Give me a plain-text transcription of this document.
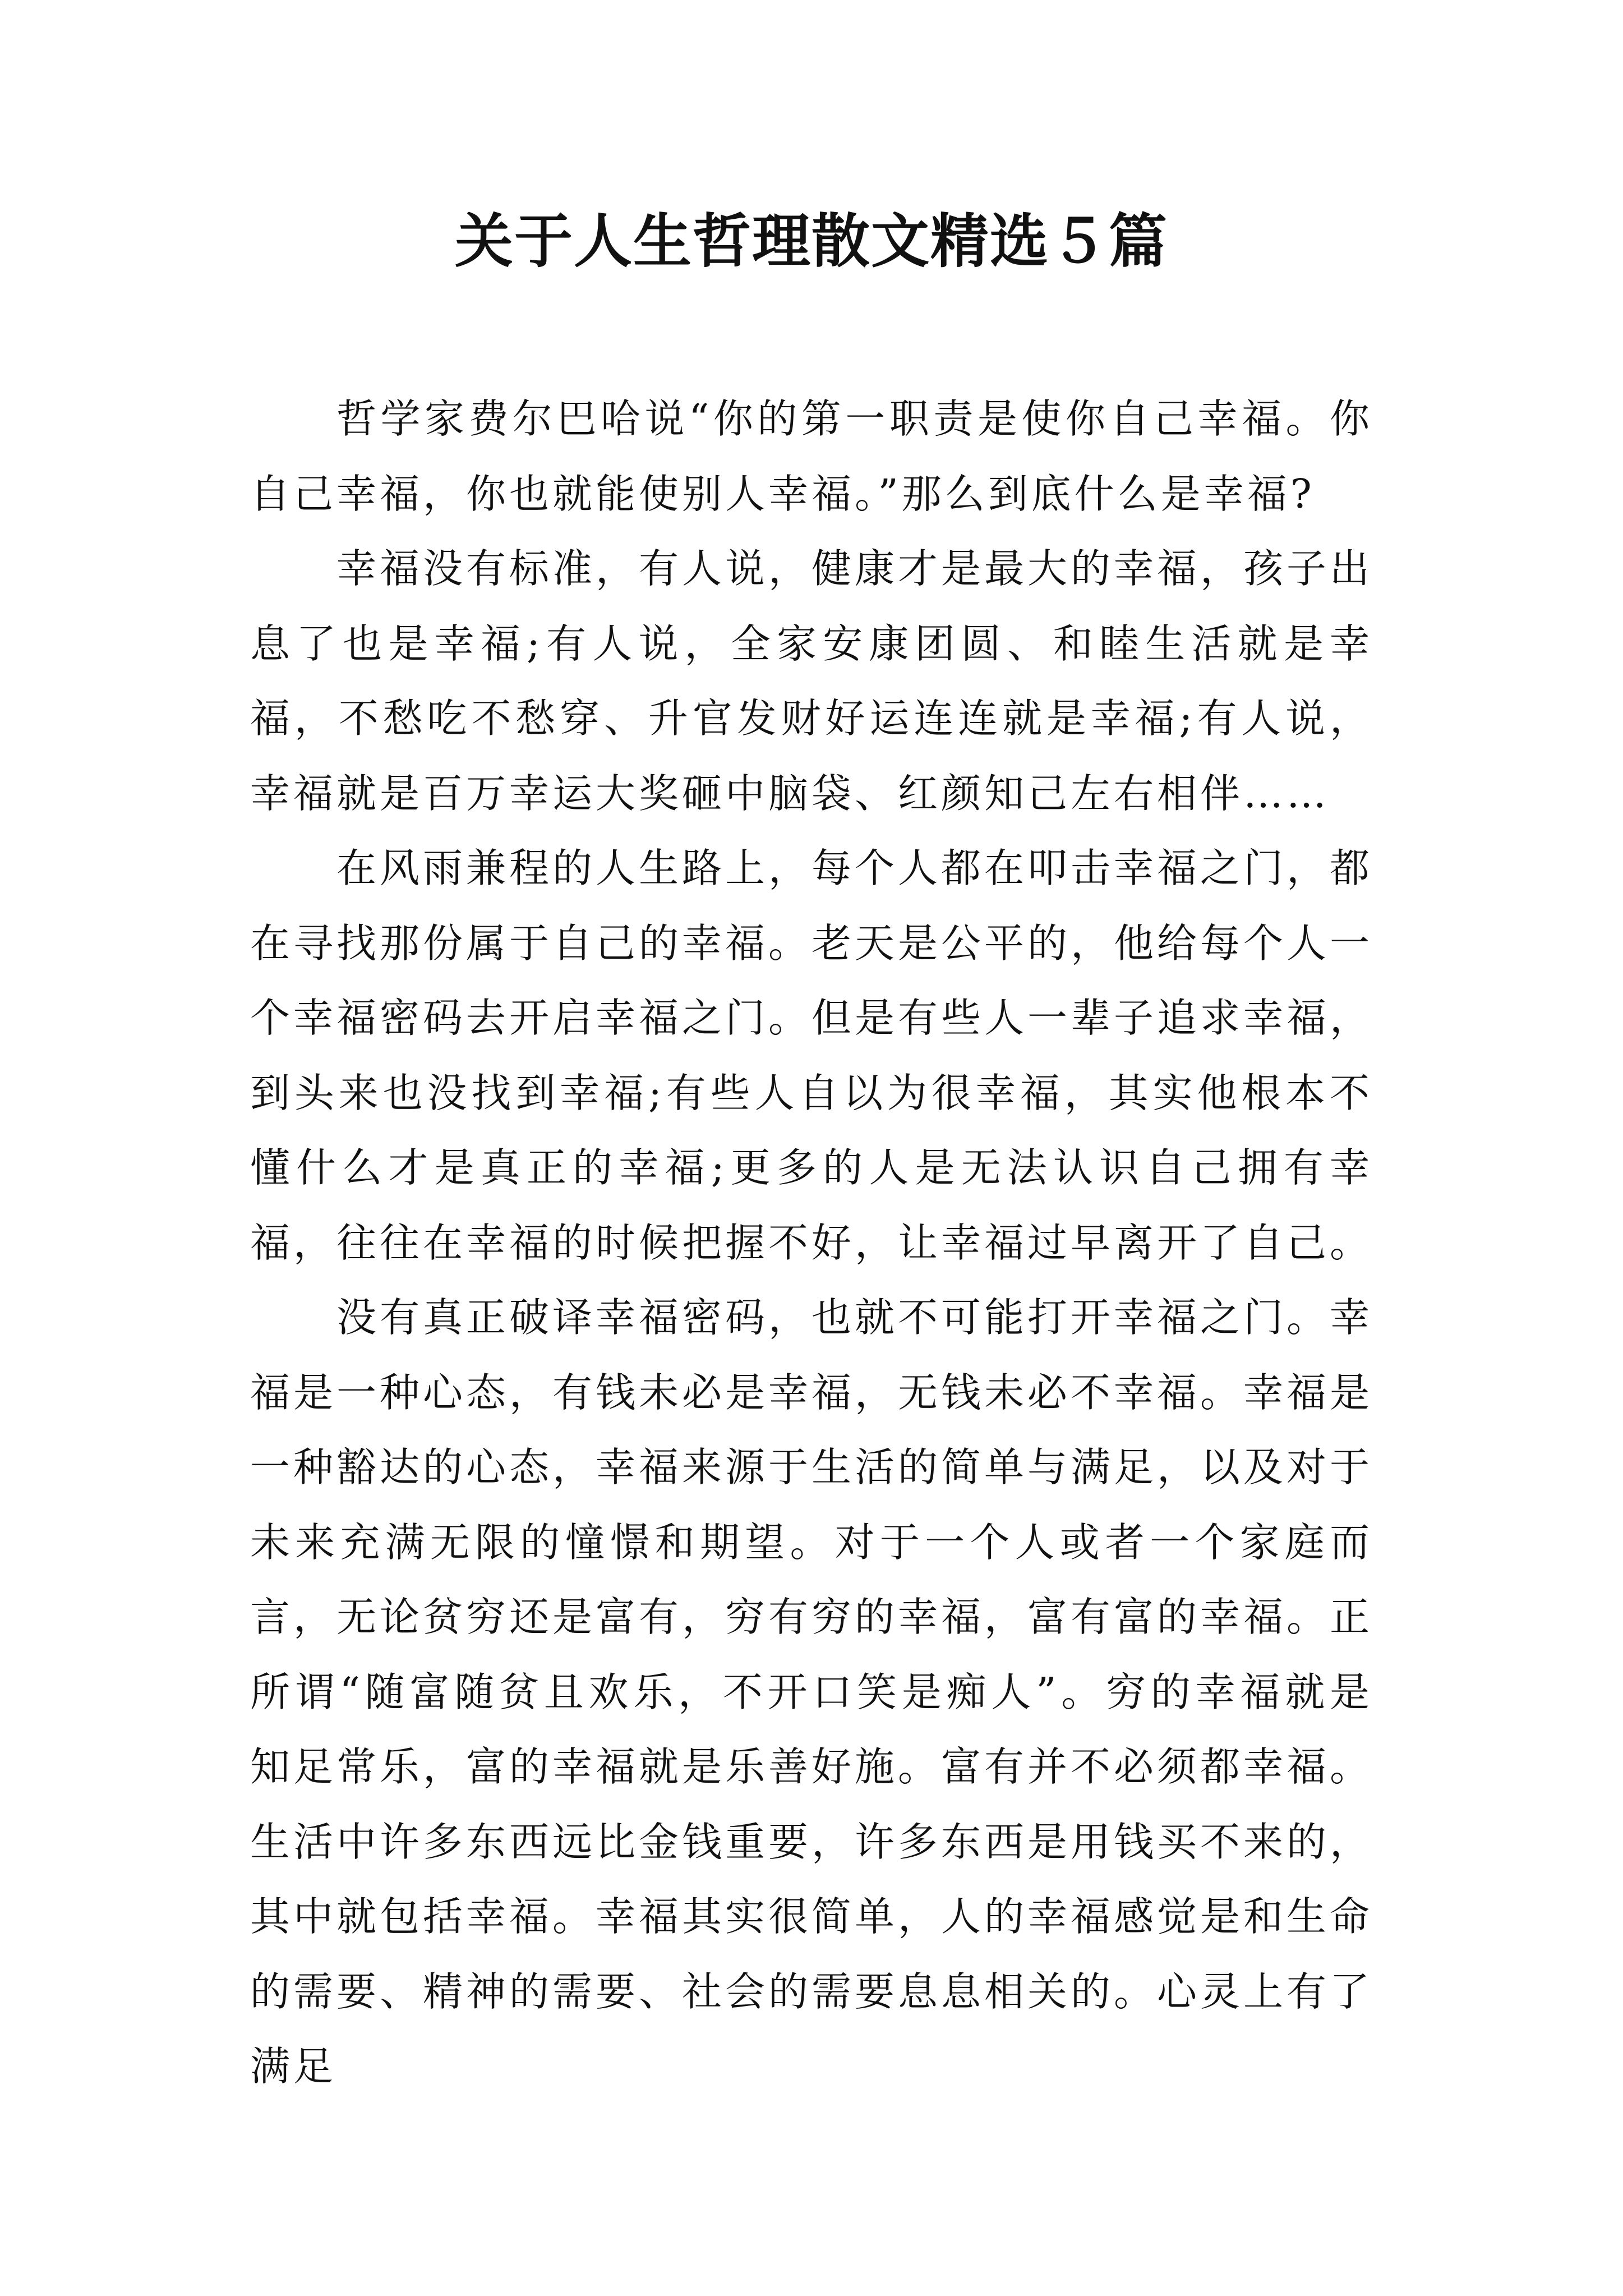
关于人生哲理散文精选５篇

哲学家费尔巴哈说“你的第一职责是使你自己幸福。你自己幸福，你也就能使别人幸福。”那么到底什么是幸福?

幸福没有标准，有人说，健康才是最大的幸福，孩子出息了也是幸福;有人说，全家安康团圆、和睦生活就是幸福，不愁吃不愁穿、升官发财好运连连就是幸福;有人说，幸福就是百万幸运大奖砸中脑袋、红颜知己左右相伴……

在风雨兼程的人生路上，每个人都在叩击幸福之门，都在寻找那份属于自己的幸福。老天是公平的，他给每个人一个幸福密码去开启幸福之门。但是有些人一辈子追求幸福，到头来也没找到幸福;有些人自以为很幸福，其实他根本不懂什么才是真正的幸福;更多的人是无法认识自己拥有幸福，往往在幸福的时候把握不好，让幸福过早离开了自己。

没有真正破译幸福密码，也就不可能打开幸福之门。幸福是一种心态，有钱未必是幸福，无钱未必不幸福。幸福是一种豁达的心态，幸福来源于生活的简单与满足，以及对于未来充满无限的憧憬和期望。对于一个人或者一个家庭而言，无论贫穷还是富有，穷有穷的幸福，富有富的幸福。正所谓“随富随贫且欢乐，不开口笑是痴人”。穷的幸福就是知足常乐，富的幸福就是乐善好施。富有并不必须都幸福。生活中许多东西远比金钱重要，许多东西是用钱买不来的，其中就包括幸福。幸福其实很简单，人的幸福感觉是和生命的需要、精神的需要、社会的需要息息相关的。心灵上有了满足
